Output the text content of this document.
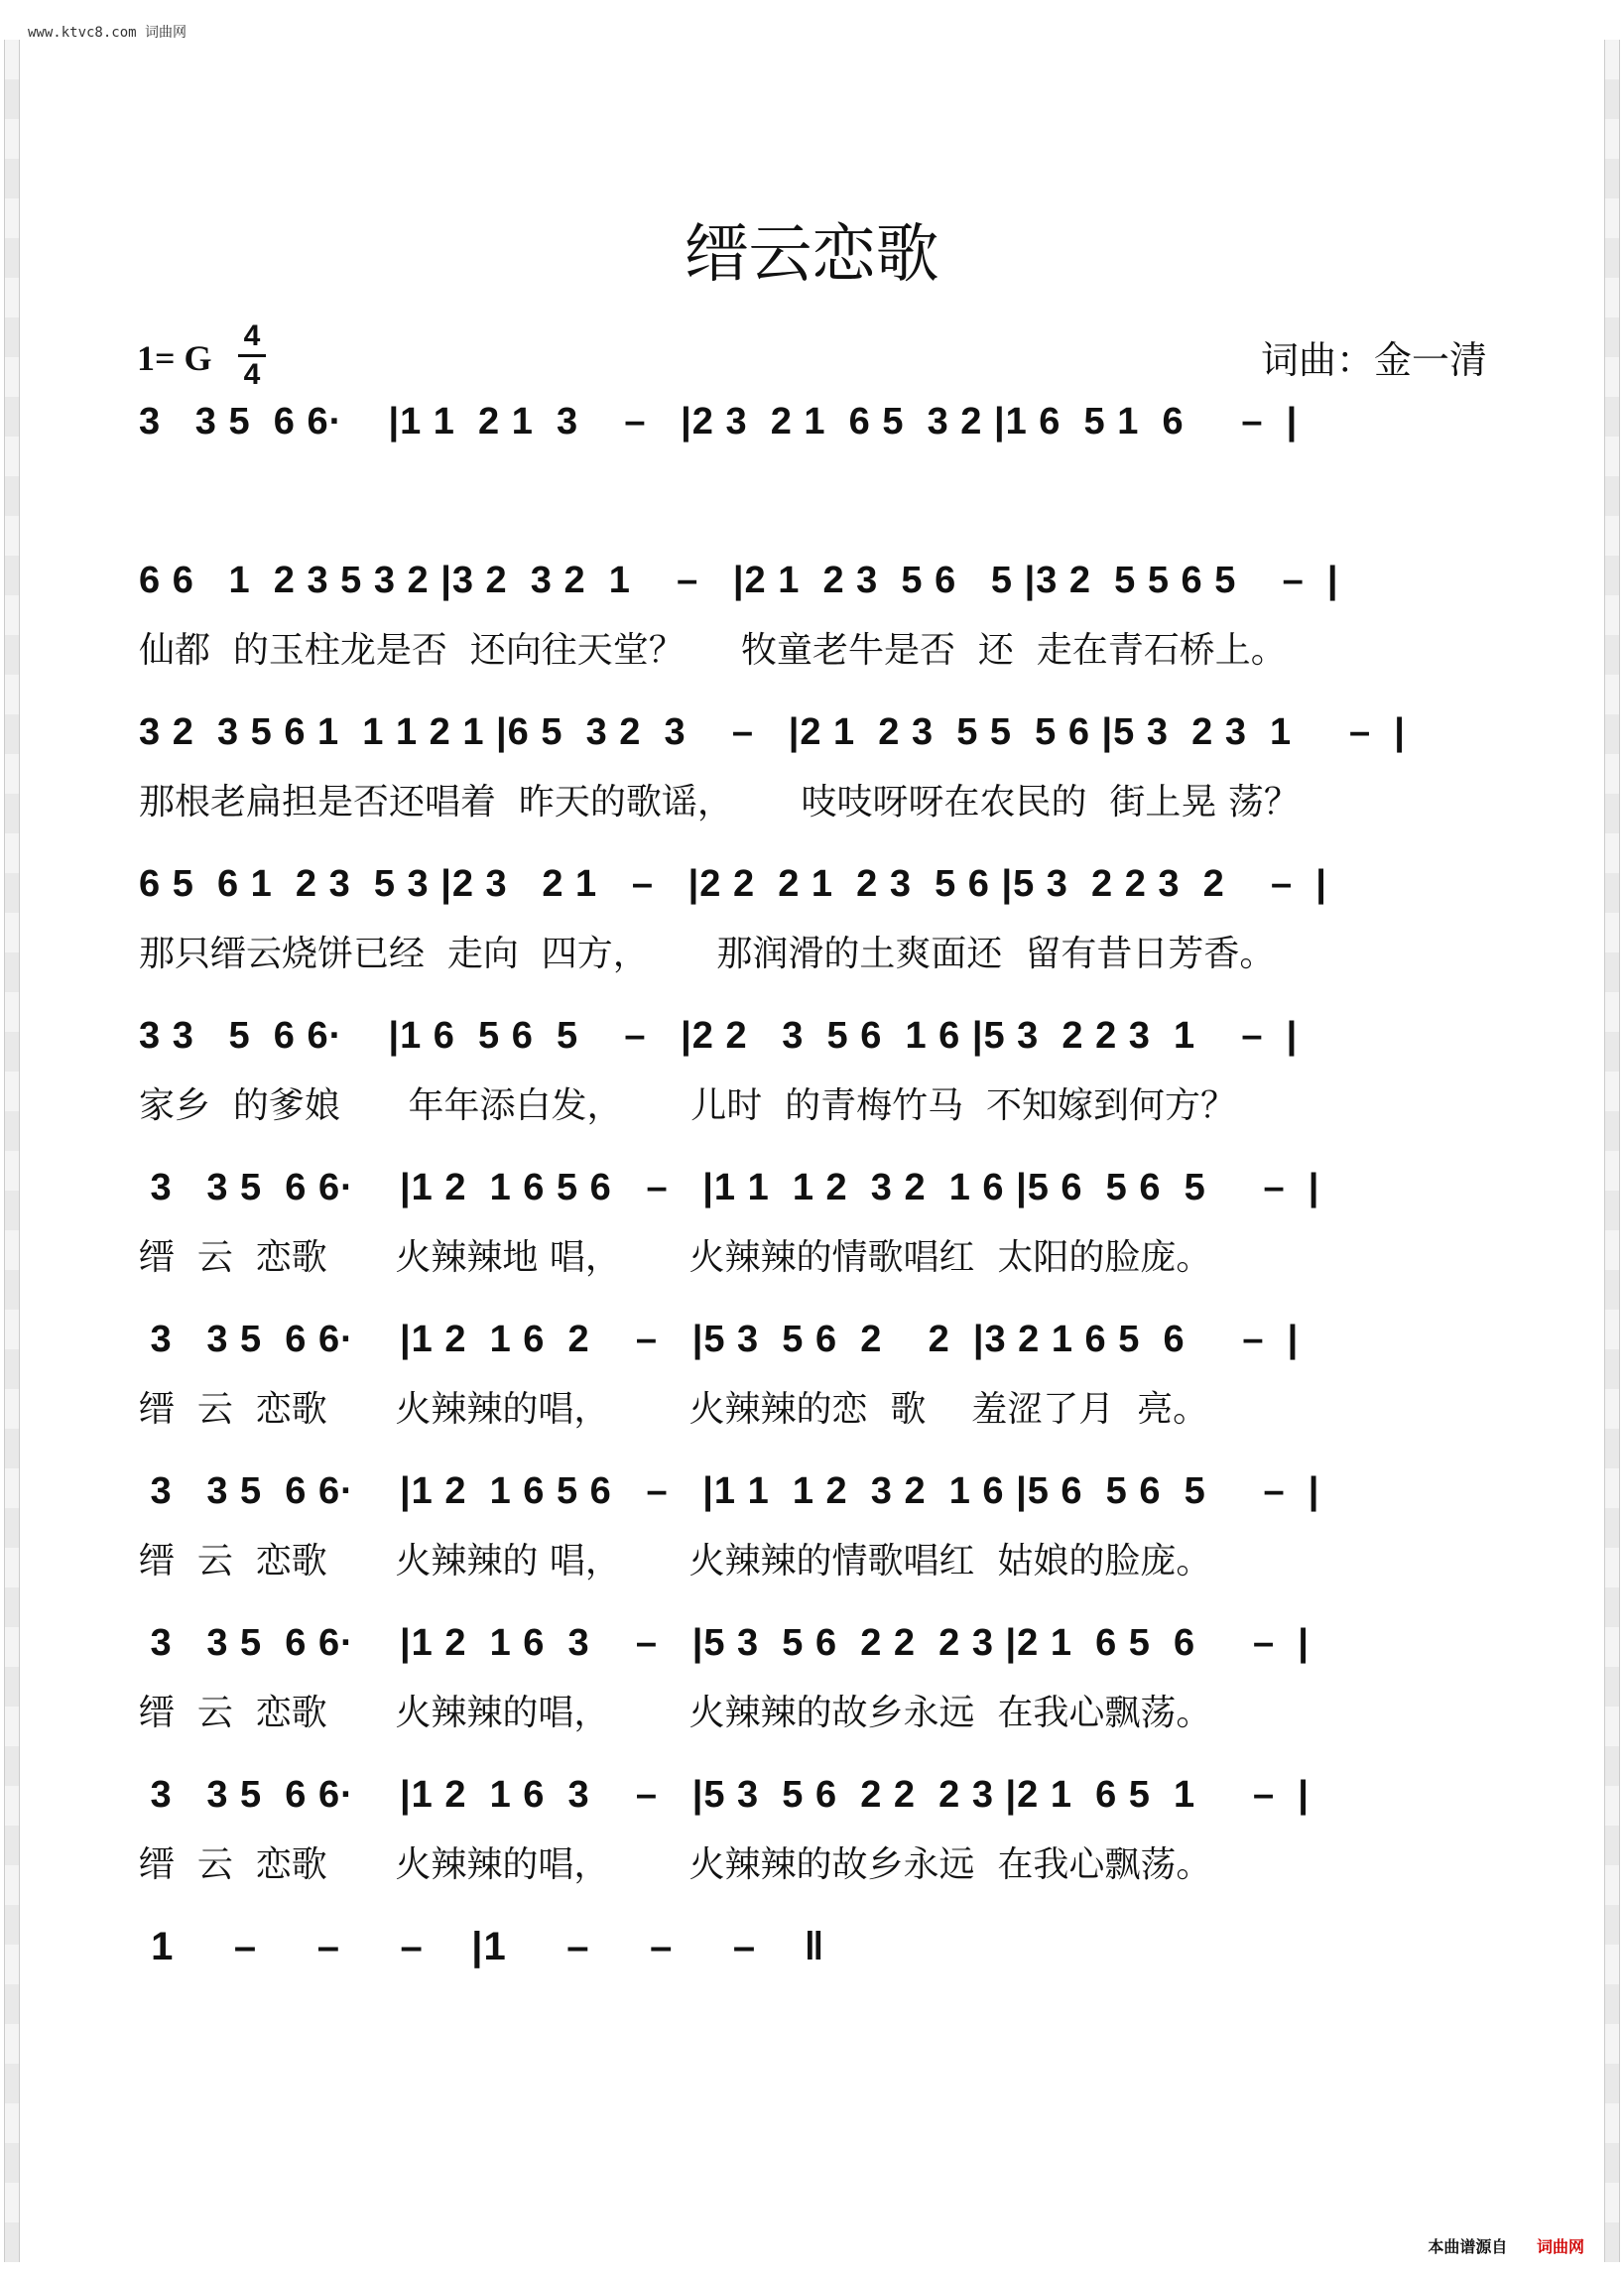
www.ktvc8.com 词曲网
缙云恋歌
1= G
4
4	词曲：金一清
3   3 5  6 6·    |1 1  2 1  3    –   |2 3  2 1  6 5  3 2 |1 6  5 1  6     –  |
6 6   1  2 3 5 3 2 |3 2  3 2  1    –   |2 1  2 3  5 6   5 |3 2  5 5 6 5    –  |
仙都  的玉柱龙是否  还向往天堂？     牧童老牛是否  还  走在青石桥上。
3 2  3 5 6 1  1 1 2 1 |6 5  3 2  3    –   |2 1  2 3  5 5  5 6 |5 3  2 3  1     –  |
那根老扁担是否还唱着  昨天的歌谣，      吱吱呀呀在农民的  街上晃 荡？
6 5  6 1  2 3  5 3 |2 3   2 1   –   |2 2  2 1  2 3  5 6 |5 3  2 2 3  2    –  |
那只缙云烧饼已经  走向  四方，      那润滑的土爽面还  留有昔日芳香。
3 3   5  6 6·    |1 6  5 6  5    –   |2 2   3  5 6  1 6 |5 3  2 2 3  1    –  |
家乡  的爹娘      年年添白发，      儿时  的青梅竹马  不知嫁到何方？
3   3 5  6 6·    |1 2  1 6 5 6   –   |1 1  1 2  3 2  1 6 |5 6  5 6  5     –  |
缙  云  恋歌      火辣辣地 唱，      火辣辣的情歌唱红  太阳的脸庞。
3   3 5  6 6·    |1 2  1 6  2    –   |5 3  5 6  2    2  |3 2 1 6 5  6     –  |
缙  云  恋歌      火辣辣的唱，       火辣辣的恋  歌    羞涩了月  亮。
3   3 5  6 6·    |1 2  1 6 5 6   –   |1 1  1 2  3 2  1 6 |5 6  5 6  5     –  |
缙  云  恋歌      火辣辣的 唱，      火辣辣的情歌唱红  姑娘的脸庞。
3   3 5  6 6·    |1 2  1 6  3    –   |5 3  5 6  2 2  2 3 |2 1  6 5  6     –  |
缙  云  恋歌      火辣辣的唱，       火辣辣的故乡永远  在我心飘荡。
3   3 5  6 6·    |1 2  1 6  3    –   |5 3  5 6  2 2  2 3 |2 1  6 5  1     –  |
缙  云  恋歌      火辣辣的唱，       火辣辣的故乡永远  在我心飘荡。
1     –     –     –    |1     –     –     –    ‖
本曲谱源自 词曲网
